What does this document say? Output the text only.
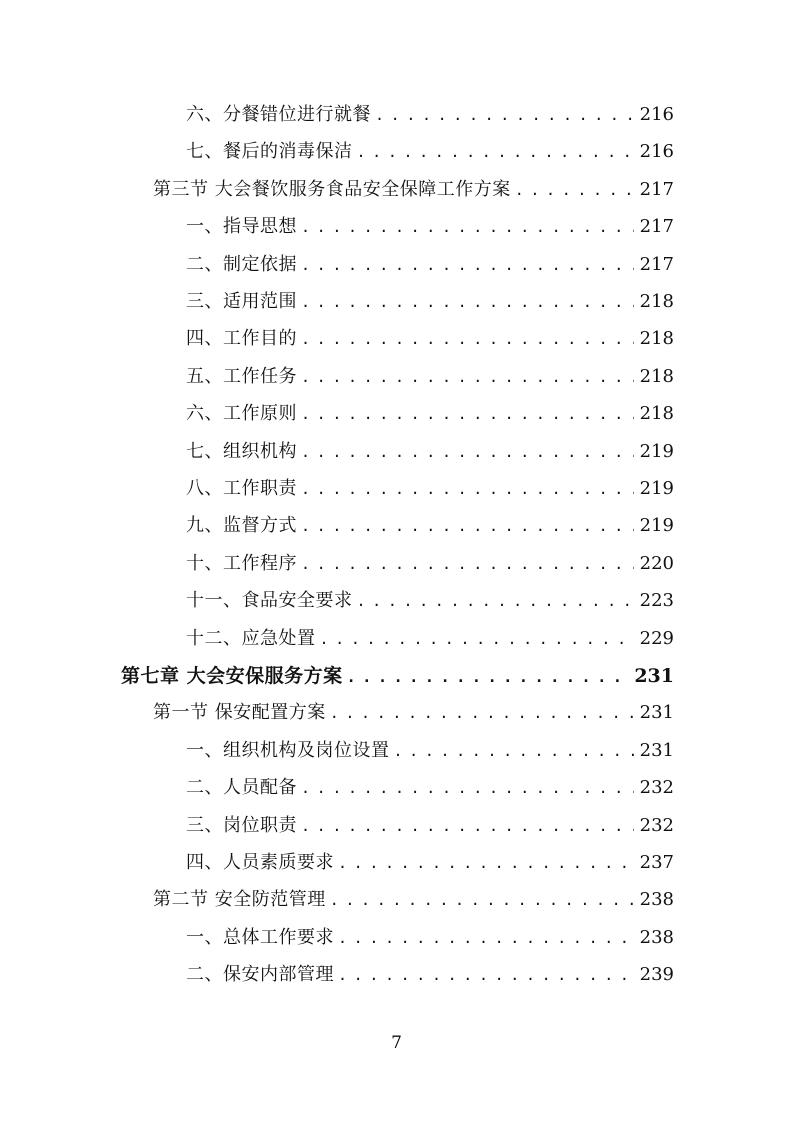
六、分餐错位进行就餐 . . .	216
七、餐后的消毒保洁 . . .	216
第三节 大会餐饮服务食品安全保障工作方案 . . .	217
一、指导思想 . . .	217
二、制定依据 . . .	217
三、适用范围 . . .	218
四、工作目的 . . .	218
五、工作任务 . . .	218
六、工作原则 . . .	218
七、组织机构 . . .	219
八、工作职责 . . .	219
九、监督方式 . . .	219
十、工作程序 . . .	220
十一、食品安全要求 . . .	223
十二、应急处置 . . .	229
第七章 大会安保服务方案 . . .	231
第一节 保安配置方案 . . .	231
一、组织机构及岗位设置 . . .	231
二、人员配备 . . .	232
三、岗位职责 . . .	232
四、人员素质要求 . . .	237
第二节 安全防范管理 . . .	238
一、总体工作要求 . . .	238
二、保安内部管理 . . .	239
7
